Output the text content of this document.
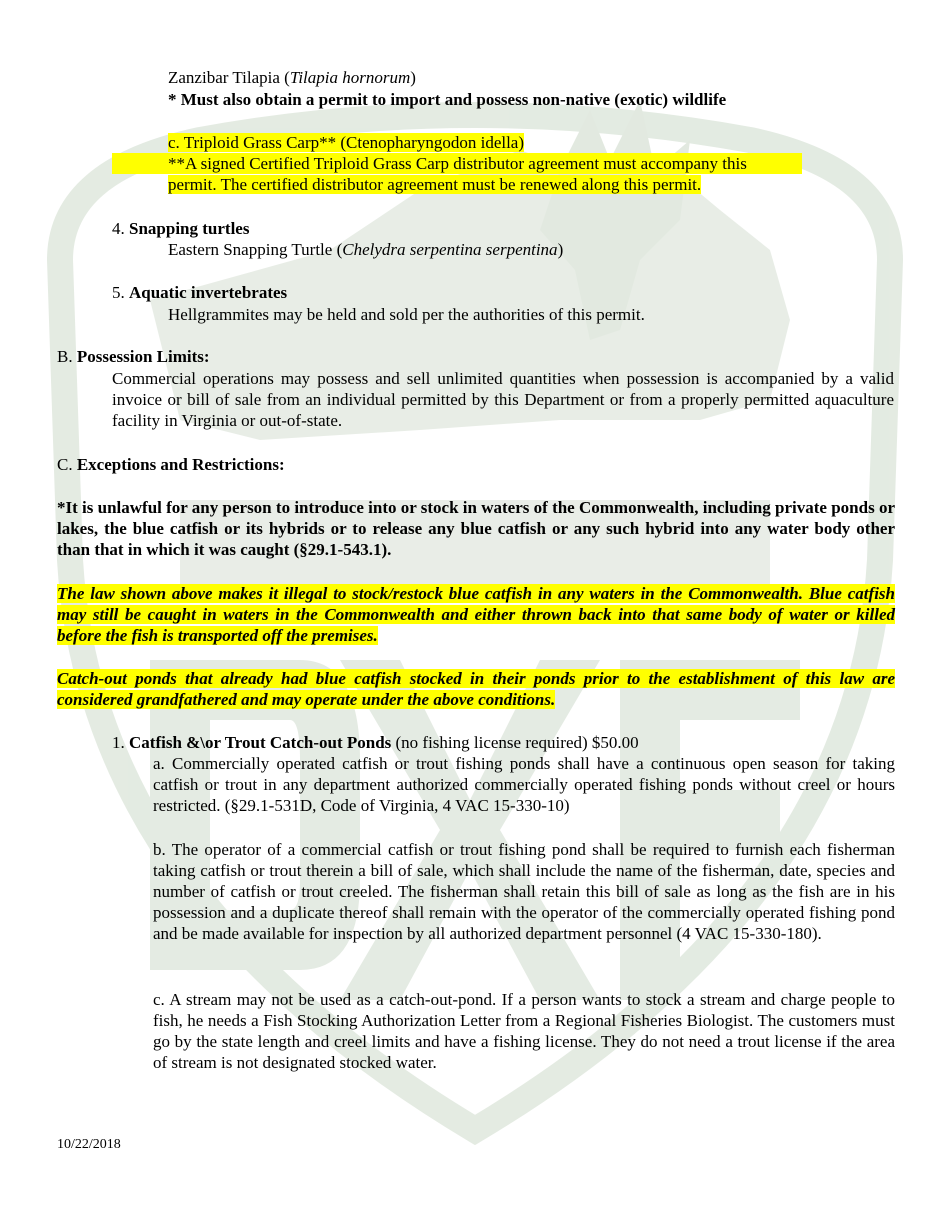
Zanzibar Tilapia (Tilapia hornorum)
* Must also obtain a permit to import and possess non-native (exotic) wildlife
c. Triploid Grass Carp** (Ctenopharyngodon idella)
**A signed Certified Triploid Grass Carp distributor agreement must accompany this
permit. The certified distributor agreement must be renewed along this permit.
4. Snapping turtles
Eastern Snapping Turtle (Chelydra serpentina serpentina)
5. Aquatic invertebrates
Hellgrammites may be held and sold per the authorities of this permit.
B. Possession Limits:
Commercial operations may possess and sell unlimited quantities when possession is accompanied by a valid invoice or bill of sale from an individual permitted by this Department or from a properly permitted aquaculture facility in Virginia or out-of-state.
C. Exceptions and Restrictions:
*It is unlawful for any person to introduce into or stock in waters of the Commonwealth, including private ponds or lakes, the blue catfish or its hybrids or to release any blue catfish or any such hybrid into any water body other than that in which it was caught (§29.1-543.1).
The law shown above makes it illegal to stock/restock blue catfish in any waters in the Commonwealth. Blue catfish may still be caught in waters in the Commonwealth and either thrown back into that same body of water or killed before the fish is transported off the premises.
Catch-out ponds that already had blue catfish stocked in their ponds prior to the establishment of this law are considered grandfathered and may operate under the above conditions.
1. Catfish &\or Trout Catch-out Ponds (no fishing license required) $50.00
a. Commercially operated catfish or trout fishing ponds shall have a continuous open season for taking catfish or trout in any department authorized commercially operated fishing ponds without creel or hours restricted. (§29.1-531D, Code of Virginia, 4 VAC 15-330-10)
b. The operator of a commercial catfish or trout fishing pond shall be required to furnish each fisherman taking catfish or trout therein a bill of sale, which shall include the name of the fisherman, date, species and number of catfish or trout creeled. The fisherman shall retain this bill of sale as long as the fish are in his possession and a duplicate thereof shall remain with the operator of the commercially operated fishing pond and be made available for inspection by all authorized department personnel (4 VAC 15-330-180).
c. A stream may not be used as a catch-out-pond. If a person wants to stock a stream and charge people to fish, he needs a Fish Stocking Authorization Letter from a Regional Fisheries Biologist. The customers must go by the state length and creel limits and have a fishing license. They do not need a trout license if the area of stream is not designated stocked water.
10/22/2018
